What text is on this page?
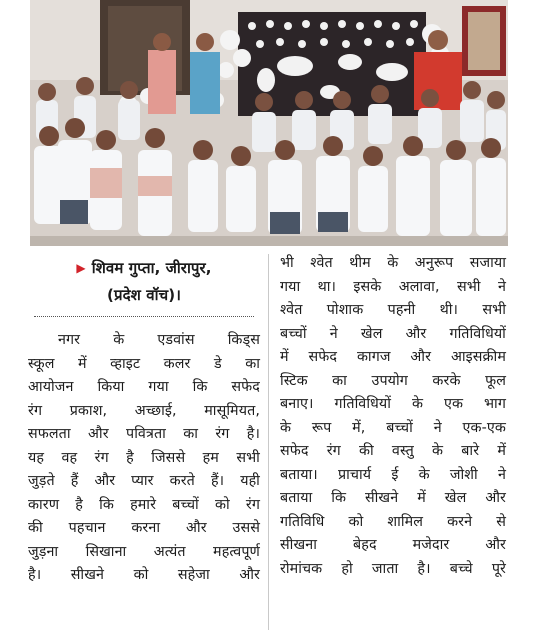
▶ शिवम गुप्ता, जीरापुर,
(प्रदेश वॉच)।

नगर के एडवांस किड्स

स्कूल में व्हाइट कलर डे का

आयोजन किया गया कि सफेद

रंग प्रकाश, अच्छाई, मासूमियत,

सफलता और पवित्रता का रंग है।

यह वह रंग है जिससे हम सभी

जुड़ते हैं और प्यार करते हैं। यही

कारण है कि हमारे बच्चों को रंग

की पहचान करना और उससे

जुड़ना सिखाना अत्यंत महत्वपूर्ण

है। सीखने को सहेजा और

भी श्वेत थीम के अनुरूप सजाया

गया था। इसके अलावा, सभी ने

श्वेत पोशाक पहनी थी। सभी

बच्चों ने खेल और गतिविधियों

में सफेद कागज और आइसक्रीम

स्टिक का उपयोग करके फूल

बनाए। गतिविधियों के एक भाग

के रूप में, बच्चों ने एक-एक

सफेद रंग की वस्तु के बारे में

बताया। प्राचार्य ई के जोशी ने

बताया कि सीखने में खेल और

गतिविधि को शामिल करने से

सीखना बेहद मजेदार और

रोमांचक हो जाता है। बच्चे पूरे
